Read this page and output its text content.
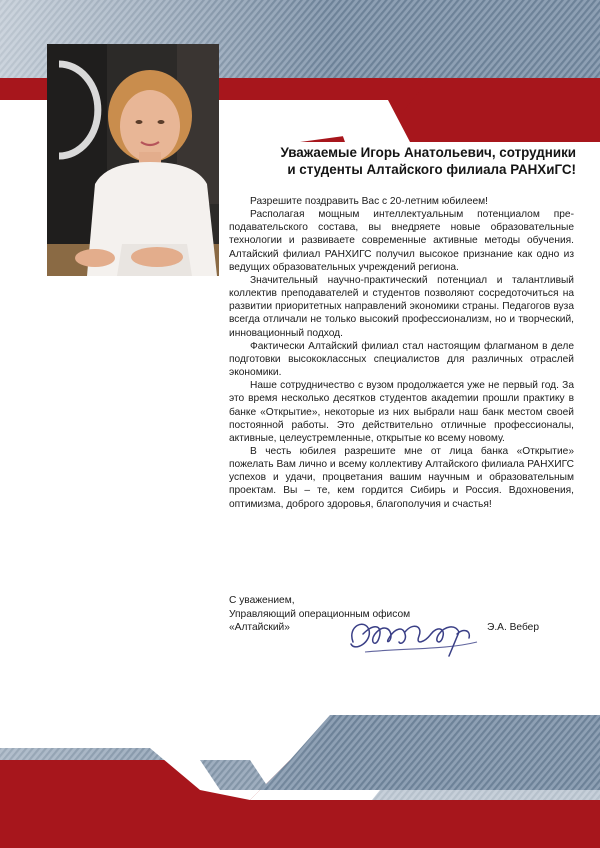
Уважаемые Игорь Анатольевич, сотрудники
и студенты Алтайского филиала РАНХиГС!

Разрешите поздравить Вас с 20-летним юбилеем!

Располагая мощным интеллектуальным потенциалом преподавательского состава, вы внедряете новые образовательные технологии и развиваете современные активные методы обучения. Алтайский филиал РАНХИГС получил высокое признание как одно из ведущих образовательных учреждений региона.

Значительный научно-практический потенциал и талантливый коллектив преподавателей и студентов позволяют сосредоточиться на развитии приоритетных направлений экономики страны. Педагогов вуза всегда отличали не только высокий профессионализм, но и творческий, инновационный подход.

Фактически Алтайский филиал стал настоящим флагманом в деле подготовки высококлассных специалистов для различных отраслей экономики.

Наше сотрудничество с вузом продолжается уже не первый год. За это время несколько десятков студентов акадеmии прошли практику в банке «Открытие», некоторые из них выбрали наш банк местом своей постоянной работы. Это действительно отличные профессионалы, активные, целеустремленные, открытые ко всему новому.

В честь юбилея разрешите мне от лица банка «Открытие» пожелать Вам лично и всему коллективу Алтайского филиала РАНХИГС успехов и удачи, процветания вашим научным и образовательным проектам. Вы – те, кем гордится Сибирь и Россия. Вдохновения, оптимизма, доброго здоровья, благополучия и счастья!

С уважением,
Управляющий операционным офисом
«Алтайский»	Э.А. Вебер
